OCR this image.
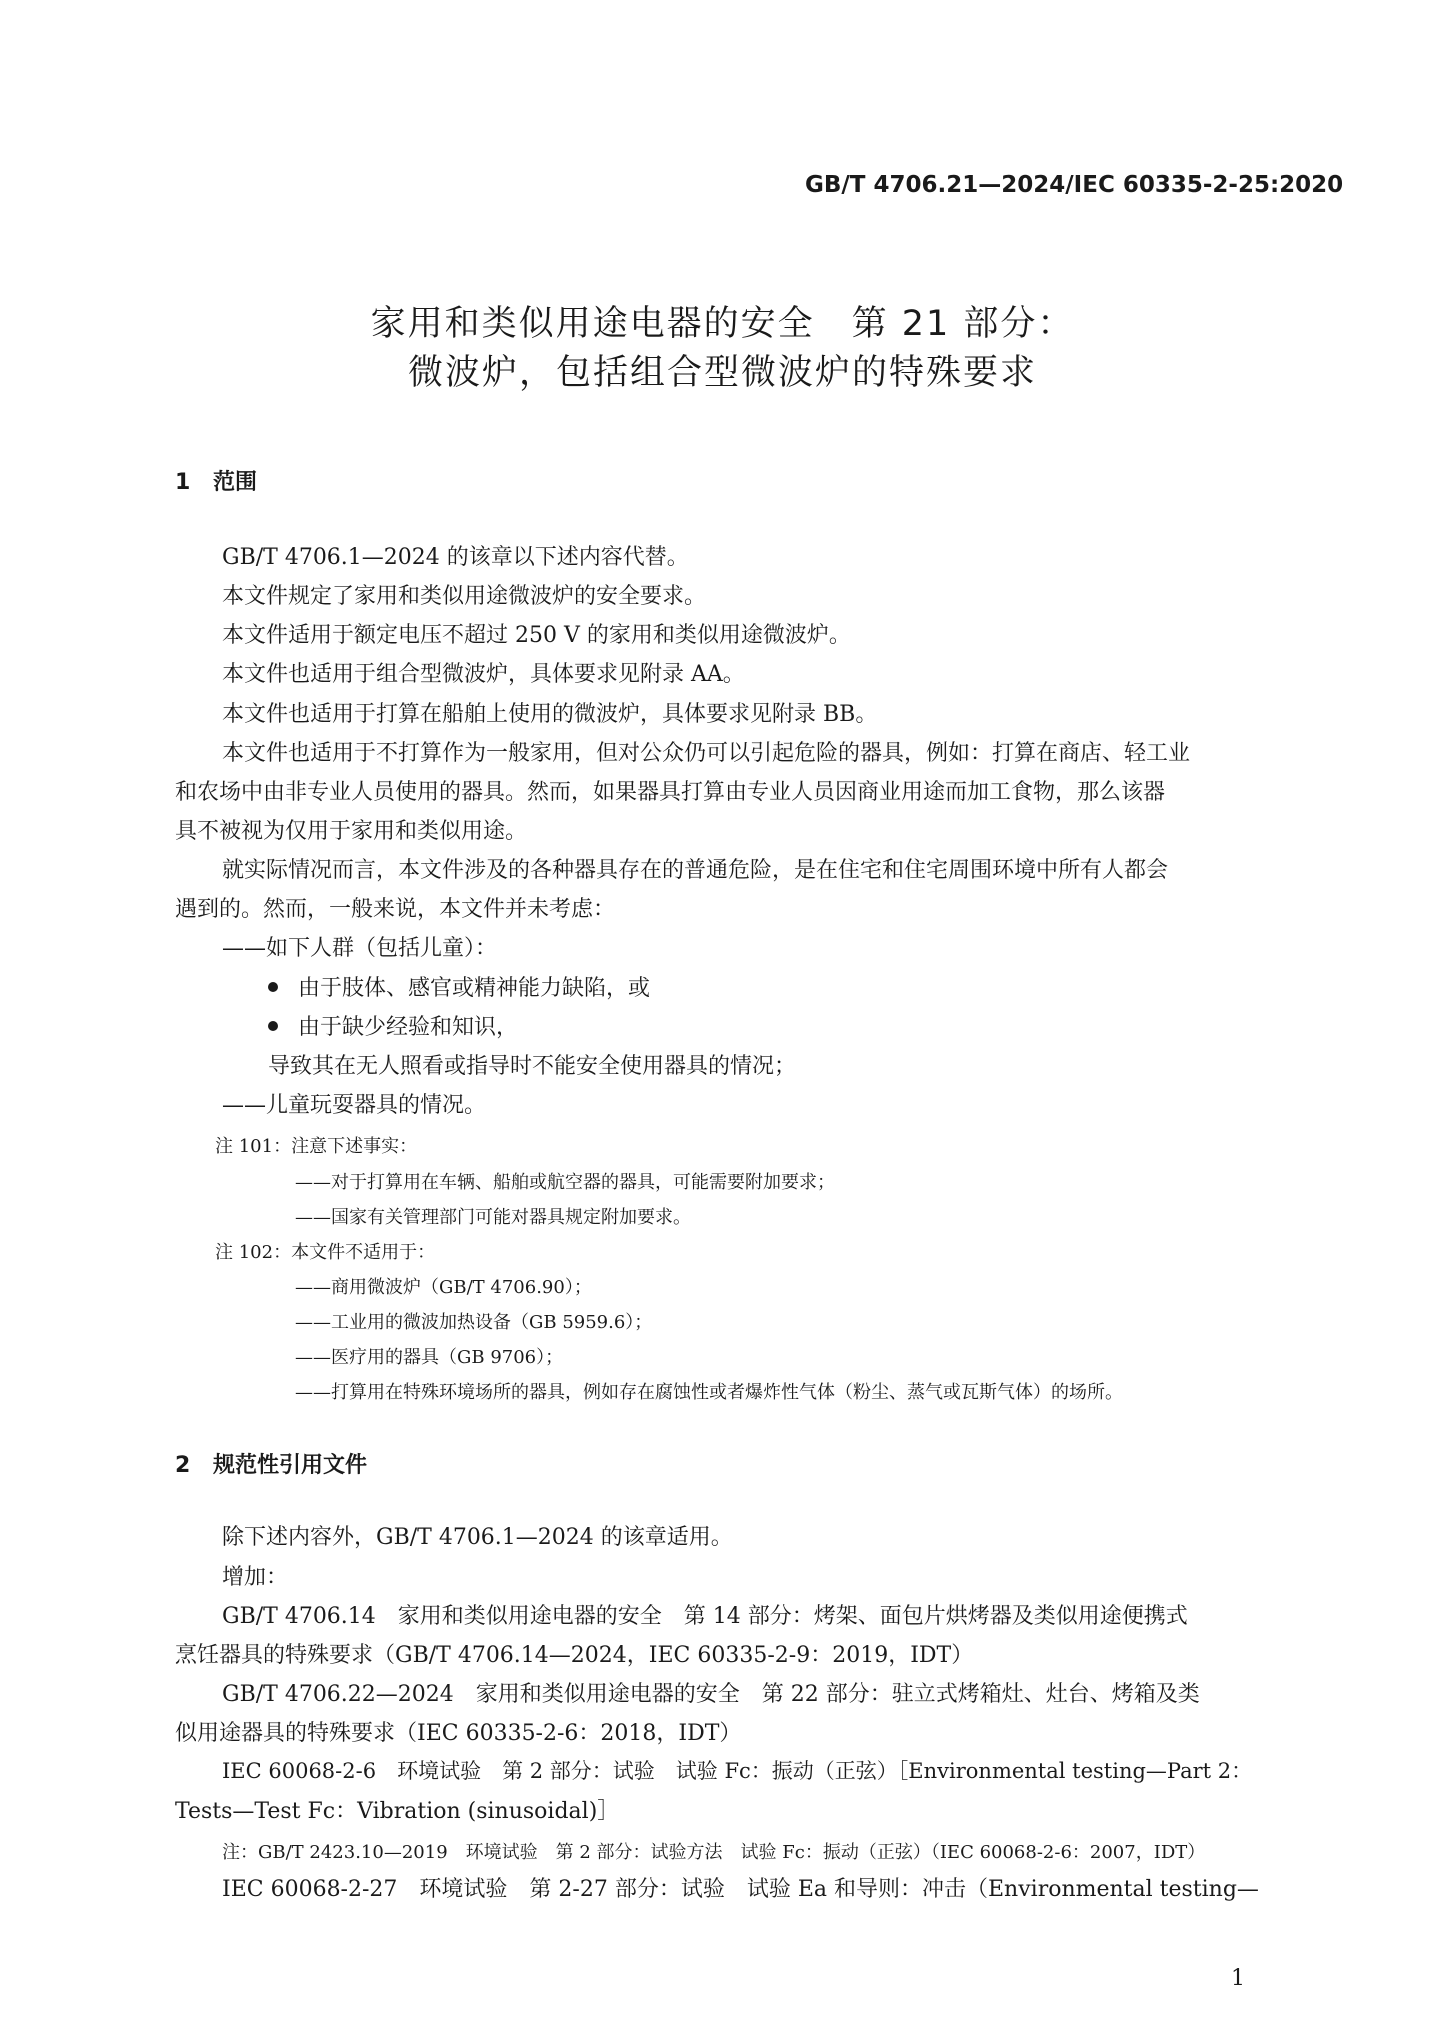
GB/T 4706.21—2024/IEC 60335-2-25:2020
家用和类似用途电器的安全　第 21 部分：
微波炉，包括组合型微波炉的特殊要求
1 范围
GB/T 4706.1—2024 的该章以下述内容代替。
本文件规定了家用和类似用途微波炉的安全要求。
本文件适用于额定电压不超过 250 V 的家用和类似用途微波炉。
本文件也适用于组合型微波炉，具体要求见附录 AA。
本文件也适用于打算在船舶上使用的微波炉，具体要求见附录 BB。
本文件也适用于不打算作为一般家用，但对公众仍可以引起危险的器具，例如：打算在商店、轻工业
和农场中由非专业人员使用的器具。然而，如果器具打算由专业人员因商业用途而加工食物，那么该器
具不被视为仅用于家用和类似用途。
就实际情况而言，本文件涉及的各种器具存在的普通危险，是在住宅和住宅周围环境中所有人都会
遇到的。然而，一般来说，本文件并未考虑：
——如下人群（包括儿童）：
由于肢体、感官或精神能力缺陷，或
由于缺少经验和知识，
导致其在无人照看或指导时不能安全使用器具的情况；
——儿童玩耍器具的情况。
注 101：注意下述事实：
——对于打算用在车辆、船舶或航空器的器具，可能需要附加要求；
——国家有关管理部门可能对器具规定附加要求。
注 102：本文件不适用于：
——商用微波炉（GB/T 4706.90）；
——工业用的微波加热设备（GB 5959.6）；
——医疗用的器具（GB 9706）；
——打算用在特殊环境场所的器具，例如存在腐蚀性或者爆炸性气体（粉尘、蒸气或瓦斯气体）的场所。
2 规范性引用文件
除下述内容外，GB/T 4706.1—2024 的该章适用。
增加：
GB/T 4706.14　家用和类似用途电器的安全　第 14 部分：烤架、面包片烘烤器及类似用途便携式
烹饪器具的特殊要求（GB/T 4706.14—2024，IEC 60335-2-9：2019，IDT）
GB/T 4706.22—2024　家用和类似用途电器的安全　第 22 部分：驻立式烤箱灶、灶台、烤箱及类
似用途器具的特殊要求（IEC 60335-2-6：2018，IDT）
IEC 60068-2-6　环境试验　第 2 部分：试验　试验 Fc：振动（正弦）［Environmental testing—Part 2：
Tests—Test Fc：Vibration (sinusoidal)］
注：GB/T 2423.10—2019　环境试验　第 2 部分：试验方法　试验 Fc：振动（正弦）（IEC 60068-2-6：2007，IDT）
IEC 60068-2-27　环境试验　第 2-27 部分：试验　试验 Ea 和导则：冲击（Environmental testing—
1
